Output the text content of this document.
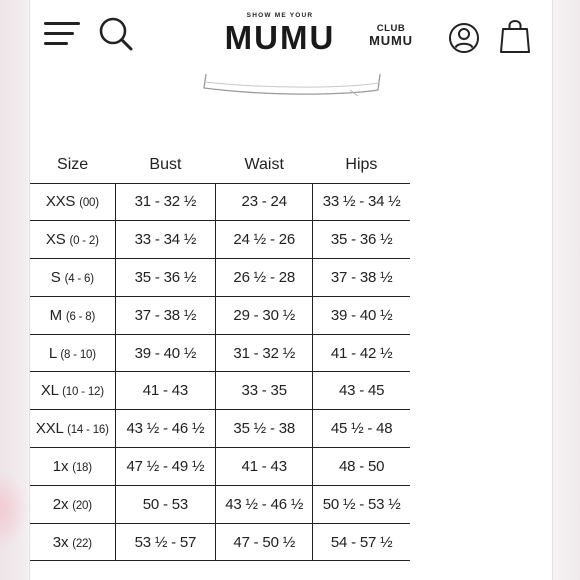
SHOW ME YOUR
MUMU	CLUB
MUMU
Size	Bust	Waist	Hips
XXS (00)	31 - 32 ½	23 - 24	33 ½ - 34 ½
XS (0 - 2)	33 - 34 ½	24 ½ - 26	35 - 36 ½
S (4 - 6)	35 - 36 ½	26 ½ - 28	37 - 38 ½
M (6 - 8)	37 - 38 ½	29 - 30 ½	39 - 40 ½
L (8 - 10)	39 - 40 ½	31 - 32 ½	41 - 42 ½
XL (10 - 12)	41 - 43	33 - 35	43 - 45
XXL (14 - 16)	43 ½ - 46 ½	35 ½ - 38	45 ½ - 48
1x (18)	47 ½ - 49 ½	41 - 43	48 - 50
2x (20)	50 - 53	43 ½ - 46 ½	50 ½ - 53 ½
3x (22)	53 ½ - 57	47 - 50 ½	54 - 57 ½
